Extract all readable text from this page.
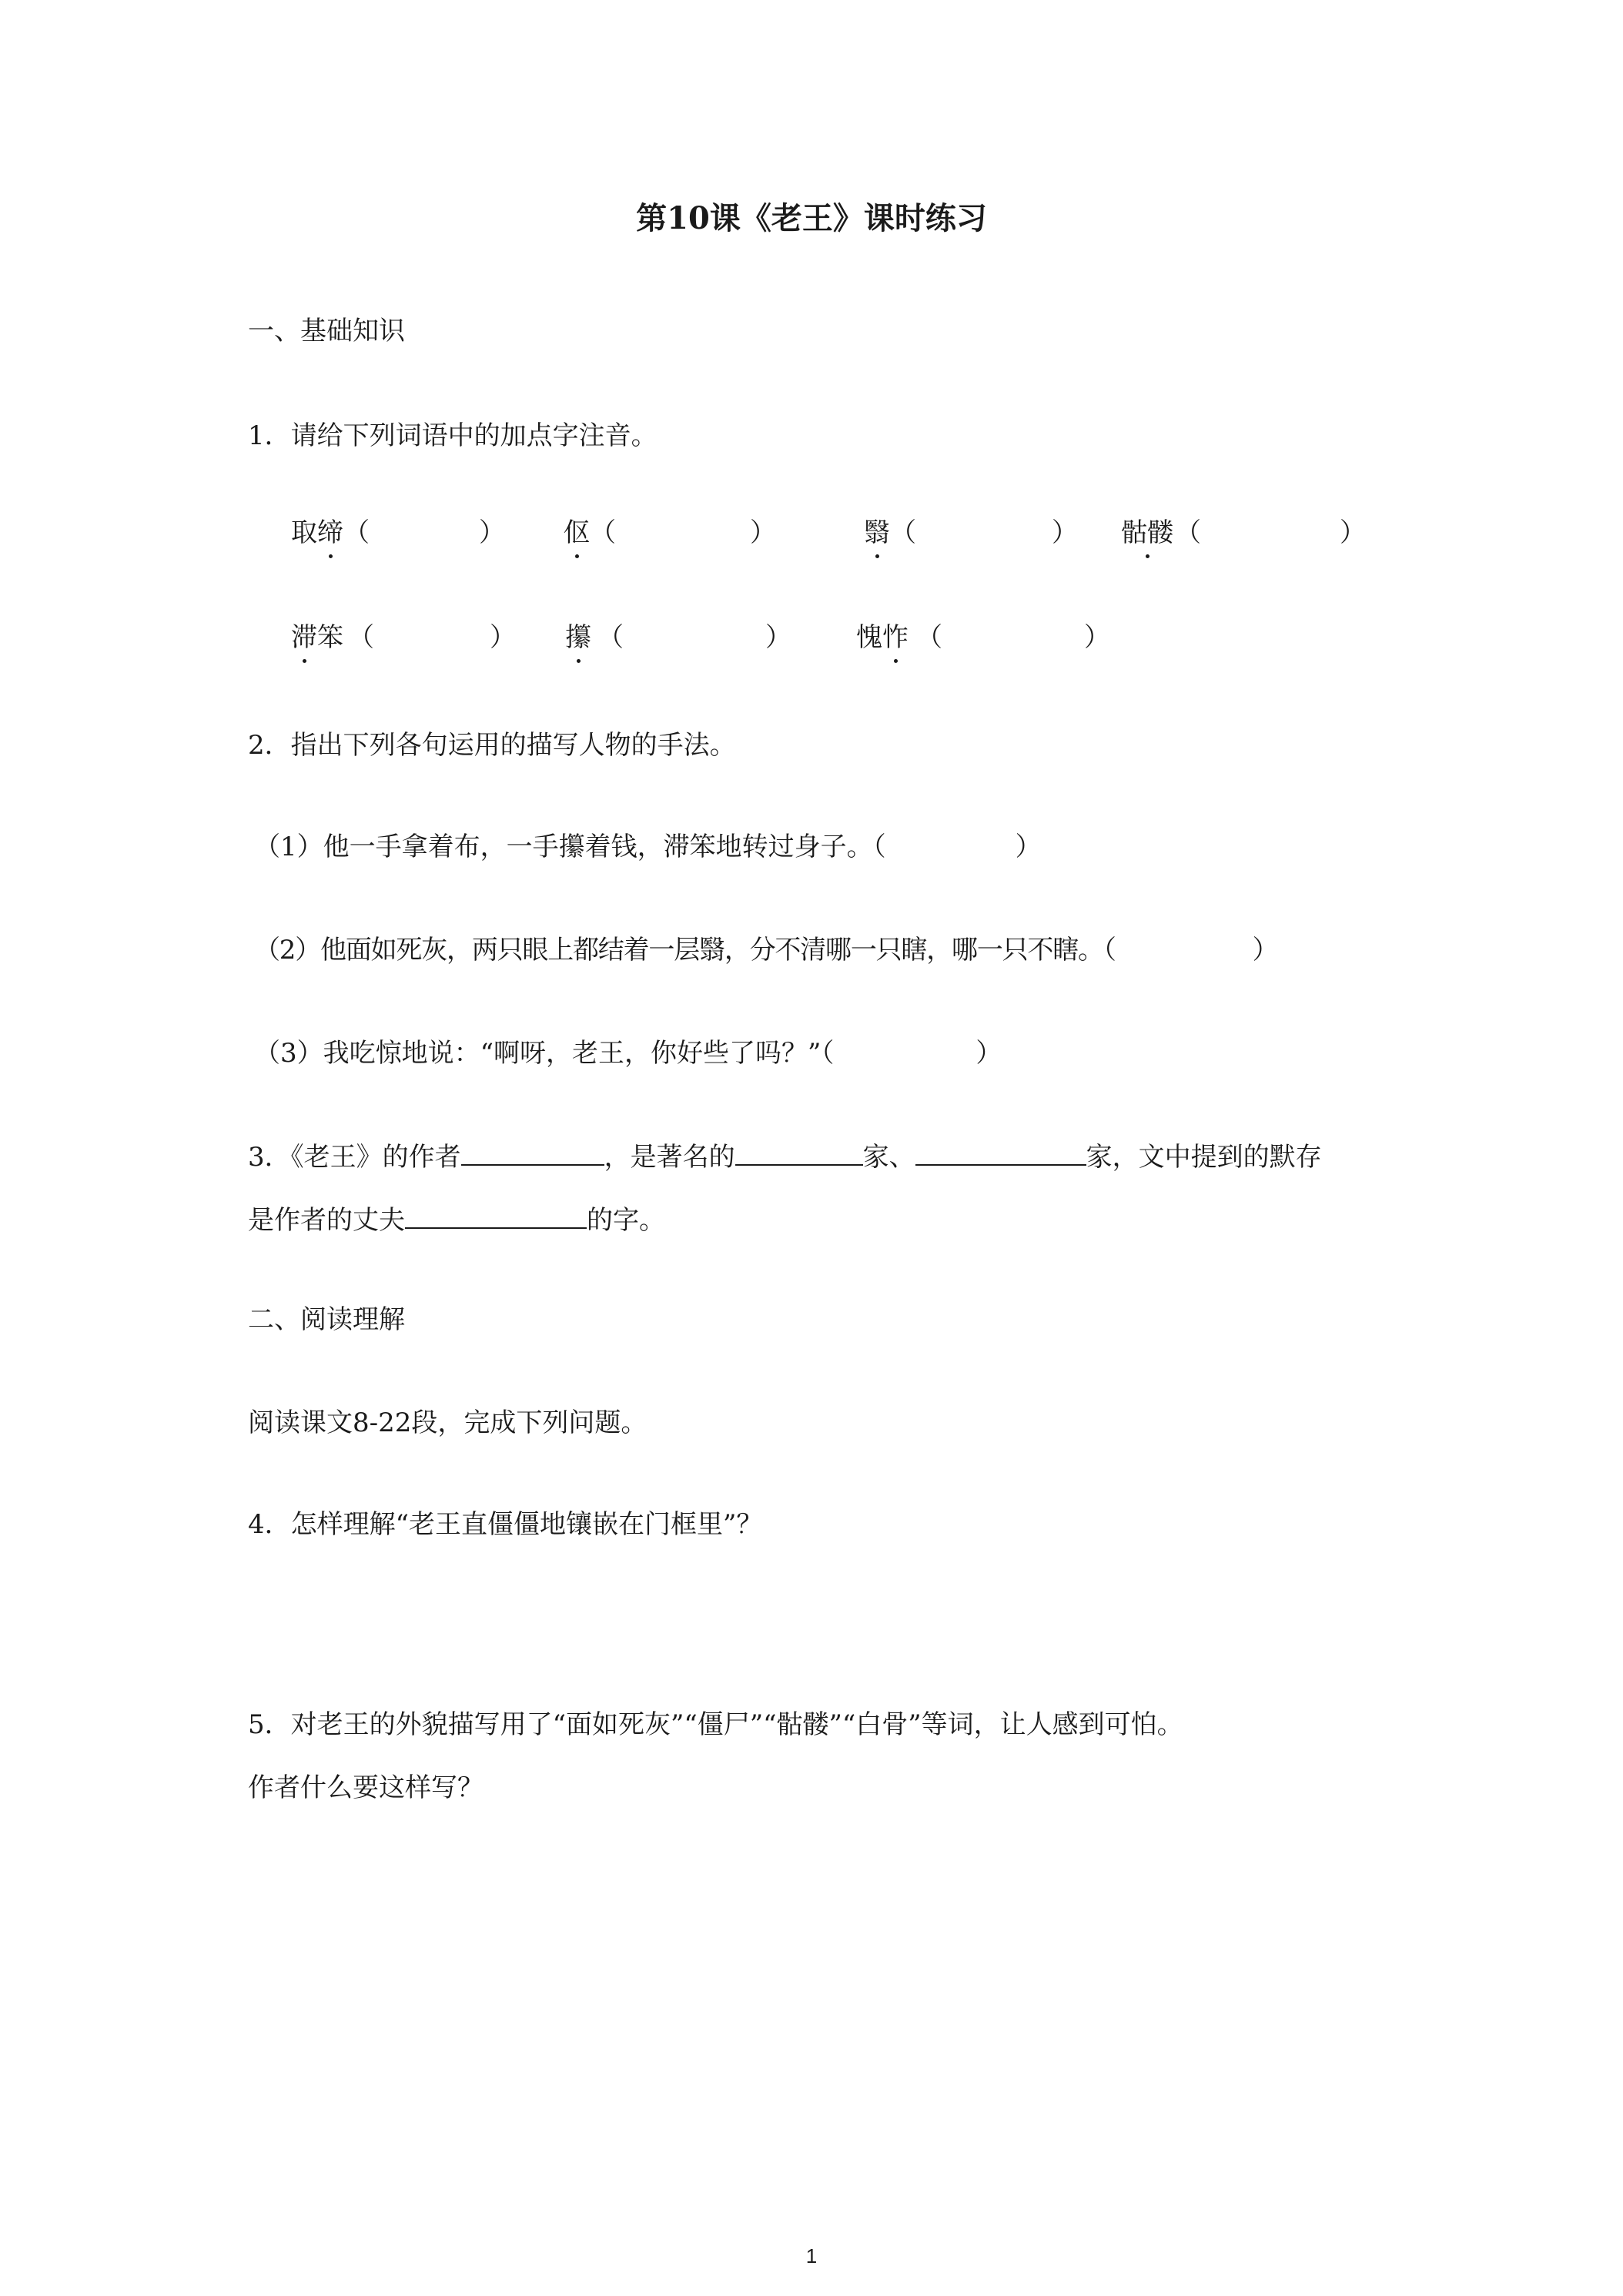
第10课《老王》课时练习
一、基础知识
1．请给下列词语中的加点字注音。
取缔 （	） 伛 （	）	翳 （	） 骷髅 （	）
滞笨 （	） 攥 （	） 愧怍 （	）
2．指出下列各句运用的描写人物的手法。
（1）他一手拿着布，一手攥着钱，滞笨地转过身子。（	）
（2）他面如死灰，两只眼上都结着一层翳，分不清哪一只瞎，哪一只不瞎。（	）
（3）我吃惊地说：“啊呀，老王，你好些了吗？”（	）
3．《老王》的作者	，是著名的	家、	家，文中提到的默存
是作者的丈夫	的字。
二、阅读理解
阅读课文8-22段，完成下列问题。
4．怎样理解“老王直僵僵地镶嵌在门框里”？
5．对老王的外貌描写用了“面如死灰”“僵尸”“骷髅”“白骨”等词，让人感到可怕。
作者什么要这样写？
1
